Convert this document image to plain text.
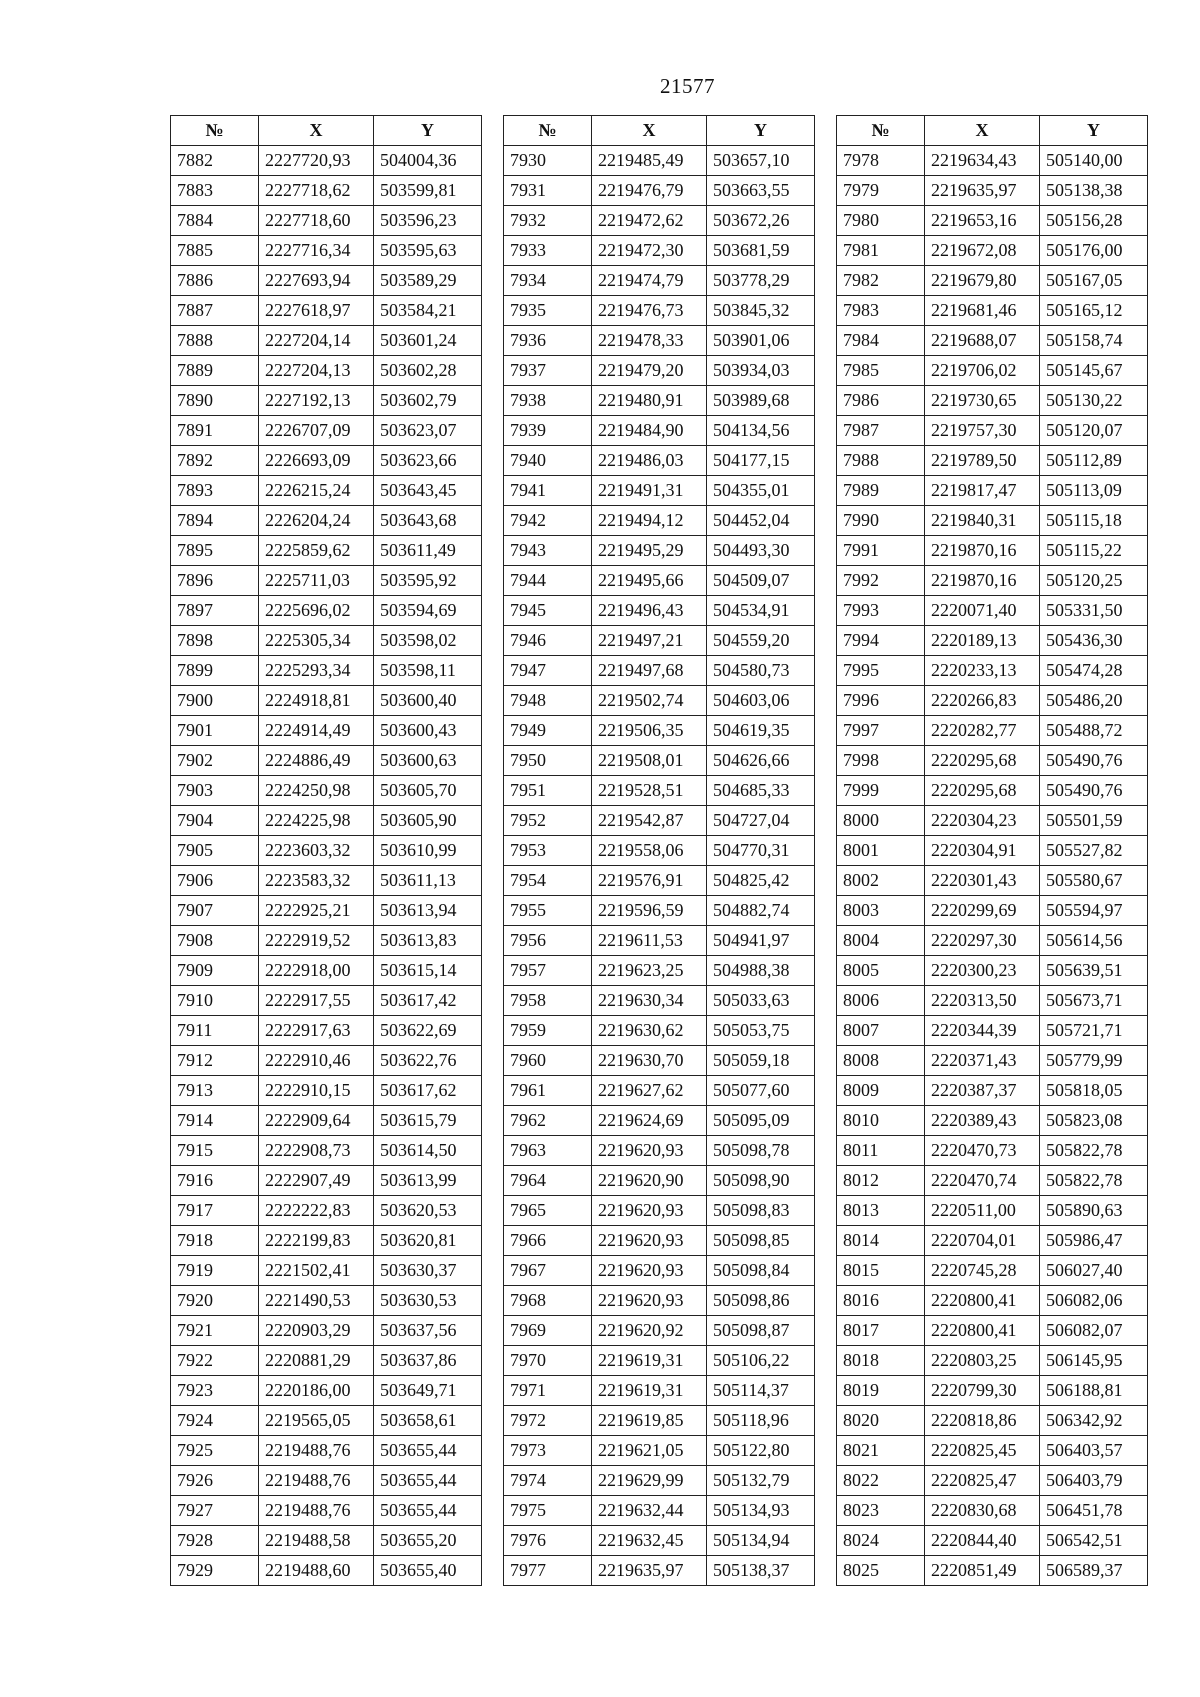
21577
№	X	Y
7882	2227720,93	504004,36
7883	2227718,62	503599,81
7884	2227718,60	503596,23
7885	2227716,34	503595,63
7886	2227693,94	503589,29
7887	2227618,97	503584,21
7888	2227204,14	503601,24
7889	2227204,13	503602,28
7890	2227192,13	503602,79
7891	2226707,09	503623,07
7892	2226693,09	503623,66
7893	2226215,24	503643,45
7894	2226204,24	503643,68
7895	2225859,62	503611,49
7896	2225711,03	503595,92
7897	2225696,02	503594,69
7898	2225305,34	503598,02
7899	2225293,34	503598,11
7900	2224918,81	503600,40
7901	2224914,49	503600,43
7902	2224886,49	503600,63
7903	2224250,98	503605,70
7904	2224225,98	503605,90
7905	2223603,32	503610,99
7906	2223583,32	503611,13
7907	2222925,21	503613,94
7908	2222919,52	503613,83
7909	2222918,00	503615,14
7910	2222917,55	503617,42
7911	2222917,63	503622,69
7912	2222910,46	503622,76
7913	2222910,15	503617,62
7914	2222909,64	503615,79
7915	2222908,73	503614,50
7916	2222907,49	503613,99
7917	2222222,83	503620,53
7918	2222199,83	503620,81
7919	2221502,41	503630,37
7920	2221490,53	503630,53
7921	2220903,29	503637,56
7922	2220881,29	503637,86
7923	2220186,00	503649,71
7924	2219565,05	503658,61
7925	2219488,76	503655,44
7926	2219488,76	503655,44
7927	2219488,76	503655,44
7928	2219488,58	503655,20
7929	2219488,60	503655,40
№	X	Y
7930	2219485,49	503657,10
7931	2219476,79	503663,55
7932	2219472,62	503672,26
7933	2219472,30	503681,59
7934	2219474,79	503778,29
7935	2219476,73	503845,32
7936	2219478,33	503901,06
7937	2219479,20	503934,03
7938	2219480,91	503989,68
7939	2219484,90	504134,56
7940	2219486,03	504177,15
7941	2219491,31	504355,01
7942	2219494,12	504452,04
7943	2219495,29	504493,30
7944	2219495,66	504509,07
7945	2219496,43	504534,91
7946	2219497,21	504559,20
7947	2219497,68	504580,73
7948	2219502,74	504603,06
7949	2219506,35	504619,35
7950	2219508,01	504626,66
7951	2219528,51	504685,33
7952	2219542,87	504727,04
7953	2219558,06	504770,31
7954	2219576,91	504825,42
7955	2219596,59	504882,74
7956	2219611,53	504941,97
7957	2219623,25	504988,38
7958	2219630,34	505033,63
7959	2219630,62	505053,75
7960	2219630,70	505059,18
7961	2219627,62	505077,60
7962	2219624,69	505095,09
7963	2219620,93	505098,78
7964	2219620,90	505098,90
7965	2219620,93	505098,83
7966	2219620,93	505098,85
7967	2219620,93	505098,84
7968	2219620,93	505098,86
7969	2219620,92	505098,87
7970	2219619,31	505106,22
7971	2219619,31	505114,37
7972	2219619,85	505118,96
7973	2219621,05	505122,80
7974	2219629,99	505132,79
7975	2219632,44	505134,93
7976	2219632,45	505134,94
7977	2219635,97	505138,37
№	X	Y
7978	2219634,43	505140,00
7979	2219635,97	505138,38
7980	2219653,16	505156,28
7981	2219672,08	505176,00
7982	2219679,80	505167,05
7983	2219681,46	505165,12
7984	2219688,07	505158,74
7985	2219706,02	505145,67
7986	2219730,65	505130,22
7987	2219757,30	505120,07
7988	2219789,50	505112,89
7989	2219817,47	505113,09
7990	2219840,31	505115,18
7991	2219870,16	505115,22
7992	2219870,16	505120,25
7993	2220071,40	505331,50
7994	2220189,13	505436,30
7995	2220233,13	505474,28
7996	2220266,83	505486,20
7997	2220282,77	505488,72
7998	2220295,68	505490,76
7999	2220295,68	505490,76
8000	2220304,23	505501,59
8001	2220304,91	505527,82
8002	2220301,43	505580,67
8003	2220299,69	505594,97
8004	2220297,30	505614,56
8005	2220300,23	505639,51
8006	2220313,50	505673,71
8007	2220344,39	505721,71
8008	2220371,43	505779,99
8009	2220387,37	505818,05
8010	2220389,43	505823,08
8011	2220470,73	505822,78
8012	2220470,74	505822,78
8013	2220511,00	505890,63
8014	2220704,01	505986,47
8015	2220745,28	506027,40
8016	2220800,41	506082,06
8017	2220800,41	506082,07
8018	2220803,25	506145,95
8019	2220799,30	506188,81
8020	2220818,86	506342,92
8021	2220825,45	506403,57
8022	2220825,47	506403,79
8023	2220830,68	506451,78
8024	2220844,40	506542,51
8025	2220851,49	506589,37
